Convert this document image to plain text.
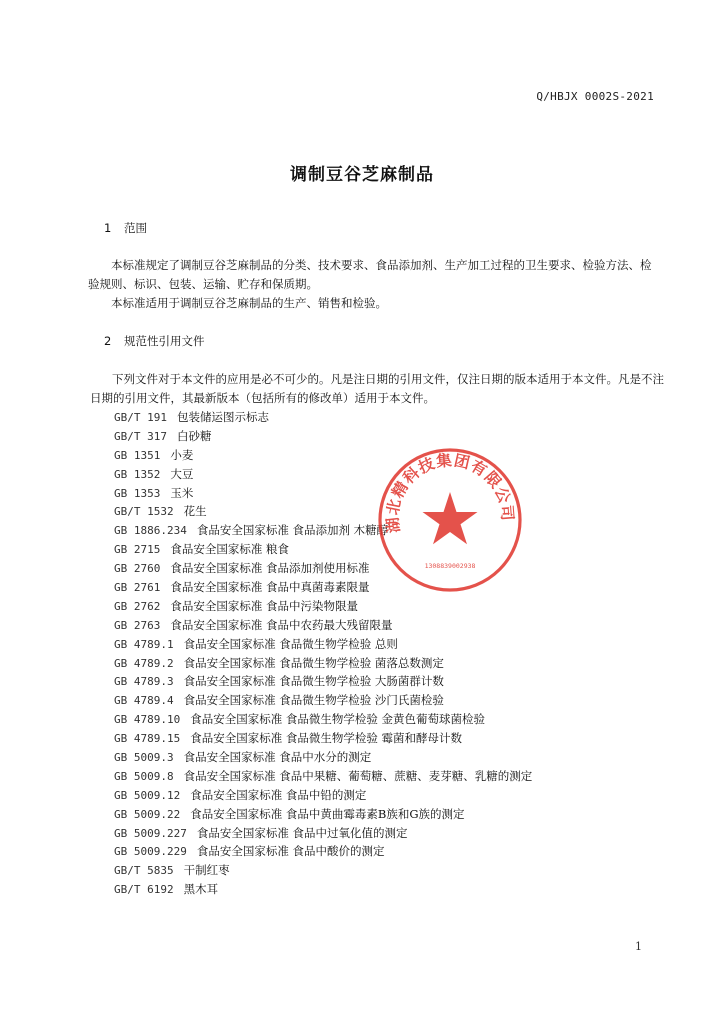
Q/HBJX 0002S-2021
调制豆谷芝麻制品
1 范围
本标准规定了调制豆谷芝麻制品的分类、技术要求、食品添加剂、生产加工过程的卫生要求、检验方法、检验规则、标识、包装、运输、贮存和保质期。
本标准适用于调制豆谷芝麻制品的生产、销售和检验。
2 规范性引用文件
下列文件对于本文件的应用是必不可少的。凡是注日期的引用文件，仅注日期的版本适用于本文件。凡是不注日期的引用文件，其最新版本（包括所有的修改单）适用于本文件。
GB/T 191 包装储运图示标志
GB/T 317 白砂糖
GB 1351 小麦
GB 1352 大豆
GB 1353 玉米
GB/T 1532 花生
GB 1886.234 食品安全国家标准 食品添加剂 木糖醇
GB 2715 食品安全国家标准 粮食
GB 2760 食品安全国家标准 食品添加剂使用标准
GB 2761 食品安全国家标准 食品中真菌毒素限量
GB 2762 食品安全国家标准 食品中污染物限量
GB 2763 食品安全国家标准 食品中农药最大残留限量
GB 4789.1 食品安全国家标准 食品微生物学检验 总则
GB 4789.2 食品安全国家标准 食品微生物学检验 菌落总数测定
GB 4789.3 食品安全国家标准 食品微生物学检验 大肠菌群计数
GB 4789.4 食品安全国家标准 食品微生物学检验 沙门氏菌检验
GB 4789.10 食品安全国家标准 食品微生物学检验 金黄色葡萄球菌检验
GB 4789.15 食品安全国家标准 食品微生物学检验 霉菌和酵母计数
GB 5009.3 食品安全国家标准 食品中水分的测定
GB 5009.8 食品安全国家标准 食品中果糖、葡萄糖、蔗糖、麦芽糖、乳糖的测定
GB 5009.12 食品安全国家标准 食品中铅的测定
GB 5009.22 食品安全国家标准 食品中黄曲霉毒素B族和G族的测定
GB 5009.227 食品安全国家标准 食品中过氧化值的测定
GB 5009.229 食品安全国家标准 食品中酸价的测定
GB/T 5835 干制红枣
GB/T 6192 黑木耳
1
湖北精科技集团有限公司
1308839002938
